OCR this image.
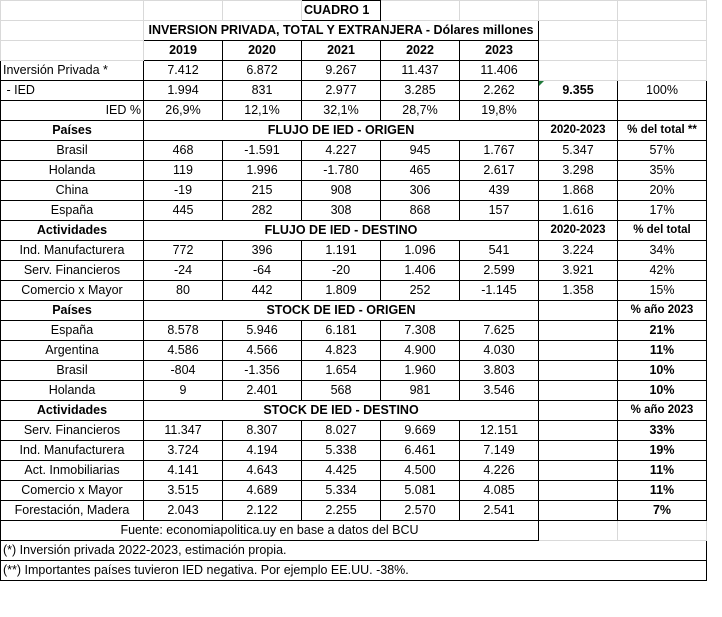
			CUADRO 1				
	INVERSION PRIVADA, TOTAL Y EXTRANJERA - Dólares millones						
	2019	2020	2021	2022	2023		
Inversión Privada *	7.412	6.872	9.267	11.437	11.406		
- IED	1.994	831	2.977	3.285	2.262	9.355	100%
IED %	26,9%	12,1%	32,1%	28,7%	19,8%		
Países	FLUJO DE IED - ORIGEN					2020-2023	% del total **
Brasil	468	-1.591	4.227	945	1.767	5.347	57%
Holanda	119	1.996	-1.780	465	2.617	3.298	35%
China	-19	215	908	306	439	1.868	20%
España	445	282	308	868	157	1.616	17%
Actividades	FLUJO DE IED - DESTINO					2020-2023	% del total
Ind. Manufacturera	772	396	1.191	1.096	541	3.224	34%
Serv. Financieros	-24	-64	-20	1.406	2.599	3.921	42%
Comercio x Mayor	80	442	1.809	252	-1.145	1.358	15%
Países	STOCK DE IED - ORIGEN						% año 2023
España	8.578	5.946	6.181	7.308	7.625		21%
Argentina	4.586	4.566	4.823	4.900	4.030		11%
Brasil	-804	-1.356	1.654	1.960	3.803		10%
Holanda	9	2.401	568	981	3.546		10%
Actividades	STOCK DE IED - DESTINO						% año 2023
Serv. Financieros	11.347	8.307	8.027	9.669	12.151		33%
Ind. Manufacturera	3.724	4.194	5.338	6.461	7.149		19%
Act. Inmobiliarias	4.141	4.643	4.425	4.500	4.226		11%
Comercio x Mayor	3.515	4.689	5.334	5.081	4.085		11%
Forestación, Madera	2.043	2.122	2.255	2.570	2.541		7%
Fuente: economiapolitica.uy en base a datos del BCU							
(*) Inversión privada 2022-2023, estimación propia.							
(**) Importantes países tuvieron IED negativa. Por ejemplo EE.UU. -38%.							
